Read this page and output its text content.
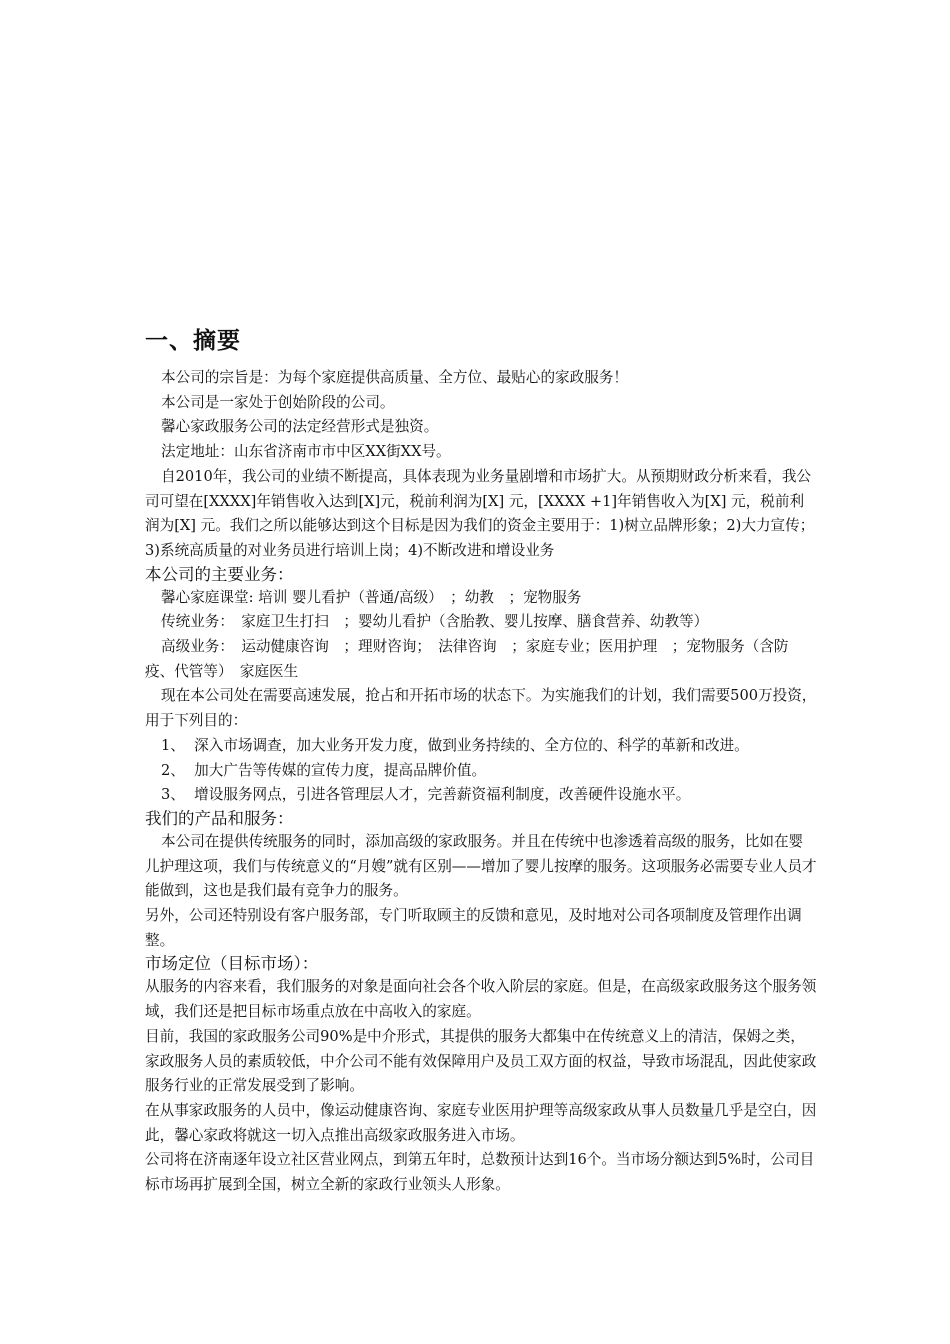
一、摘要

本公司的宗旨是：为每个家庭提供高质量、全方位、最贴心的家政服务！

本公司是一家处于创始阶段的公司。

馨心家政服务公司的法定经营形式是独资。

法定地址：山东省济南市市中区XX街XX号。

自2010年，我公司的业绩不断提高，具体表现为业务量剧增和市场扩大。从预期财政分析来看，我公司可望在[XXXX]年销售收入达到[X]元，税前利润为[X] 元，[XXXX +1]年销售收入为[X] 元，税前利润为[X] 元。我们之所以能够达到这个目标是因为我们的资金主要用于：1)树立品牌形象；2)大力宣传；3)系统高质量的对业务员进行培训上岗；4)不断改进和增设业务

本公司的主要业务：

馨心家庭课堂: 培训 婴儿看护（普通/高级）　；幼教　；宠物服务

传统业务：　家庭卫生打扫　；婴幼儿看护（含胎教、婴儿按摩、膳食营养、幼教等）

高级业务：　运动健康咨询　；理财咨询；　法律咨询　；家庭专业；医用护理　；宠物服务（含防疫、代管等）　家庭医生

现在本公司处在需要高速发展，抢占和开拓市场的状态下。为实施我们的计划，我们需要500万投资，用于下列目的：

1、 深入市场调查，加大业务开发力度，做到业务持续的、全方位的、科学的革新和改进。

2、 加大广告等传媒的宣传力度，提高品牌价值。

3、 增设服务网点，引进各管理层人才，完善薪资福利制度，改善硬件设施水平。

我们的产品和服务：

本公司在提供传统服务的同时，添加高级的家政服务。并且在传统中也渗透着高级的服务，比如在婴儿护理这项，我们与传统意义的“月嫂”就有区别——增加了婴儿按摩的服务。这项服务必需要专业人员才能做到，这也是我们最有竞争力的服务。

另外，公司还特别设有客户服务部，专门听取顾主的反馈和意见，及时地对公司各项制度及管理作出调整。

市场定位（目标市场）：

从服务的内容来看，我们服务的对象是面向社会各个收入阶层的家庭。但是，在高级家政服务这个服务领域，我们还是把目标市场重点放在中高收入的家庭。

目前，我国的家政服务公司90%是中介形式，其提供的服务大都集中在传统意义上的清洁，保姆之类，家政服务人员的素质较低，中介公司不能有效保障用户及员工双方面的权益，导致市场混乱，因此使家政服务行业的正常发展受到了影响。

在从事家政服务的人员中，像运动健康咨询、家庭专业医用护理等高级家政从事人员数量几乎是空白，因此，馨心家政将就这一切入点推出高级家政服务进入市场。

公司将在济南逐年设立社区营业网点，到第五年时，总数预计达到16个。当市场分额达到5%时，公司目标市场再扩展到全国，树立全新的家政行业领头人形象。
